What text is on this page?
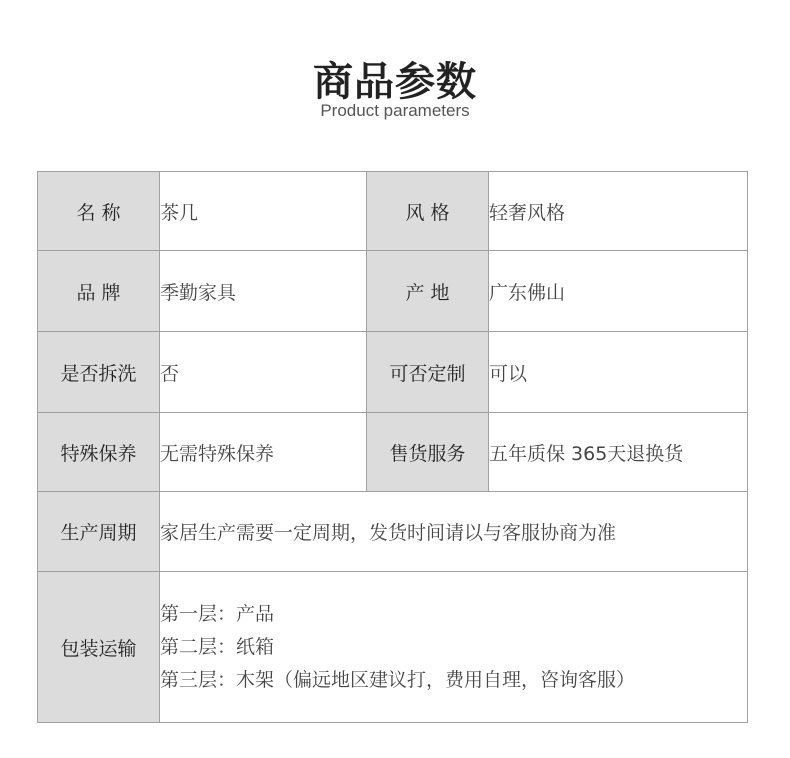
商品参数
Product parameters
名 称	茶几	风 格	轻奢风格
品 牌	季勤家具	产 地	广东佛山
是否拆洗	否	可否定制	可以
特殊保养	无需特殊保养	售货服务	五年质保 365天退换货
生产周期	家居生产需要一定周期，发货时间请以与客服协商为准		
包装运输	第一层：产品
第二层：纸箱
第三层：木架（偏远地区建议打，费用自理，咨询客服）		
